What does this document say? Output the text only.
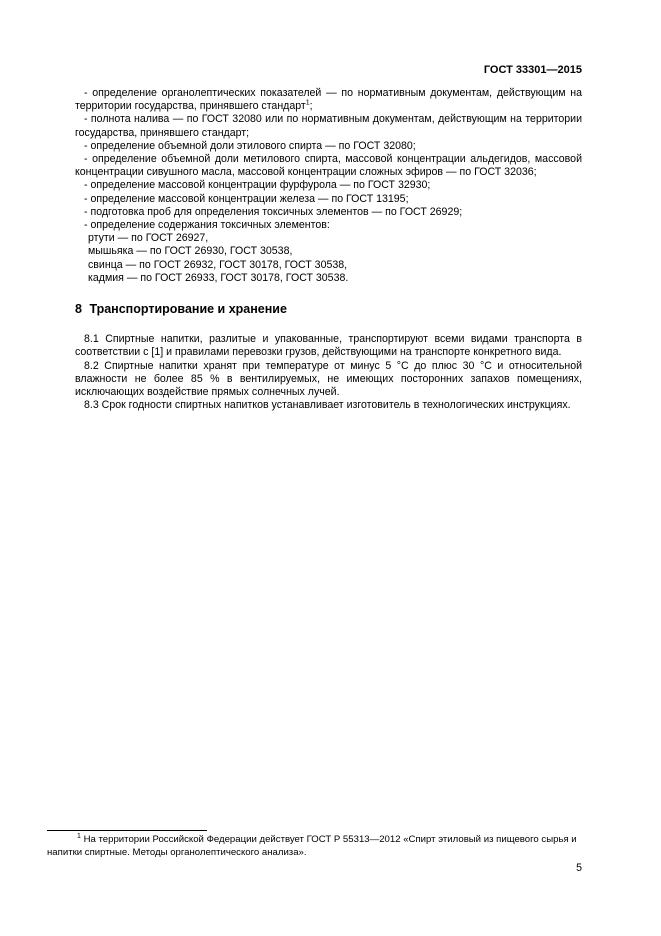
ГОСТ 33301—2015

- определение органолептических показателей — по нормативным документам, действующим на территории государства, принявшего стандарт$^1$;

- полнота налива — по ГОСТ 32080 или по нормативным документам, действующим на территории государства, принявшего стандарт;

- определение объемной доли этилового спирта — по ГОСТ 32080;

- определение объемной доли метилового спирта, массовой концентрации альдегидов, массовой концентрации сивушного масла, массовой концентрации сложных эфиров — по ГОСТ 32036;

- определение массовой концентрации фурфурола — по ГОСТ 32930;

- определение массовой концентрации железа — по ГОСТ 13195;

- подготовка проб для определения токсичных элементов — по ГОСТ 26929;

- определение содержания токсичных элементов:

ртути — по ГОСТ 26927,

мышьяка — по ГОСТ 26930, ГОСТ 30538,

свинца — по ГОСТ 26932, ГОСТ 30178, ГОСТ 30538,

кадмия — по ГОСТ 26933, ГОСТ 30178, ГОСТ 30538.

8 Транспортирование и хранение

8.1 Спиртные напитки, разлитые и упакованные, транспортируют всеми видами транспорта в соответствии с [1] и правилами перевозки грузов, действующими на транспорте конкретного вида.

8.2 Спиртные напитки хранят при температуре от минус 5 °С до плюс 30 °С и относительной влажности не более 85 % в вентилируемых, не имеющих посторонних запахов помещениях, исключающих воздействие прямых солнечных лучей.

8.3 Срок годности спиртных напитков устанавливает изготовитель в технологических инструкциях.

$^1$ На территории Российской Федерации действует ГОСТ Р 55313—2012 «Спирт этиловый из пищевого сырья и напитки спиртные. Методы органолептического анализа».

5
